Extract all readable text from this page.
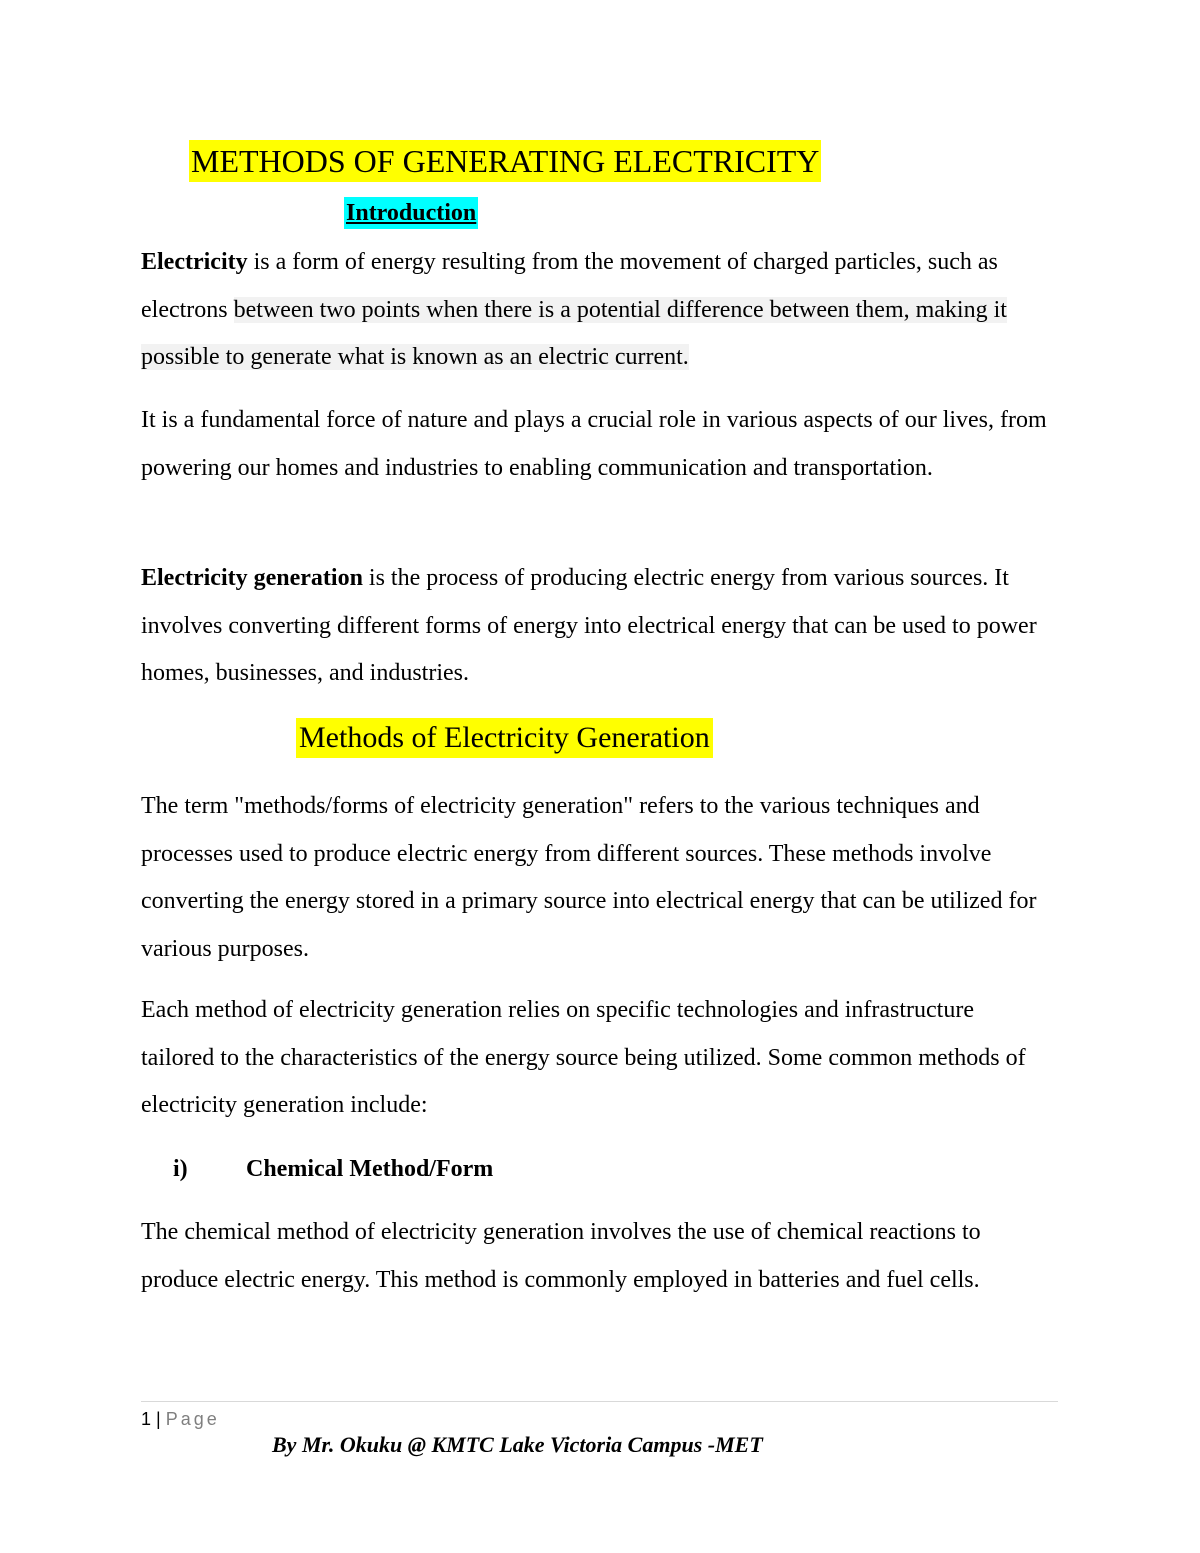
METHODS OF GENERATING ELECTRICITY
Introduction

Electricity is a form of energy resulting from the movement of charged particles, such as electrons between two points when there is a potential difference between them, making it possible to generate what is known as an electric current.

It is a fundamental force of nature and plays a crucial role in various aspects of our lives, from powering our homes and industries to enabling communication and transportation.

Electricity generation is the process of producing electric energy from various sources. It involves converting different forms of energy into electrical energy that can be used to power homes, businesses, and industries.

Methods of Electricity Generation

The term "methods/forms of electricity generation" refers to the various techniques and processes used to produce electric energy from different sources. These methods involve converting the energy stored in a primary source into electrical energy that can be utilized for various purposes.

Each method of electricity generation relies on specific technologies and infrastructure tailored to the characteristics of the energy source being utilized. Some common methods of electricity generation include:

i) Chemical Method/Form

The chemical method of electricity generation involves the use of chemical reactions to produce electric energy. This method is commonly employed in batteries and fuel cells.

1 | Page
By Mr. Okuku @ KMTC Lake Victoria Campus -MET
